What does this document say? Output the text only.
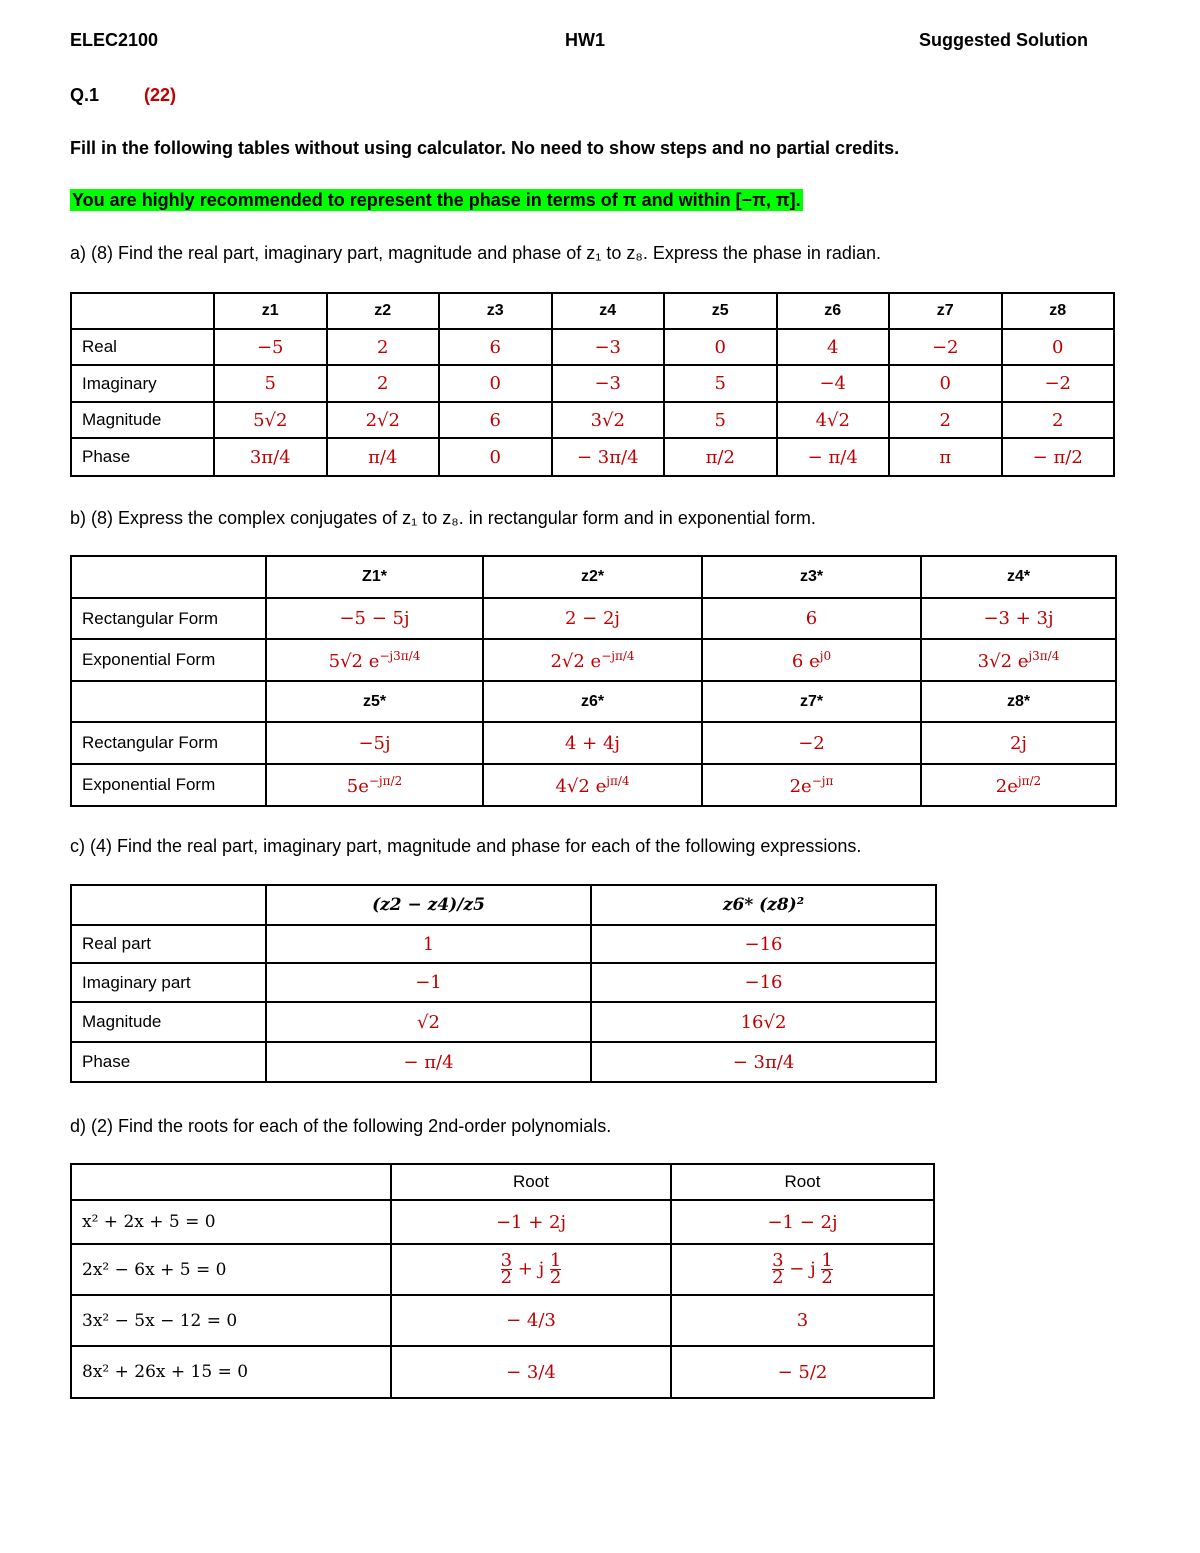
ELEC2100	HW1	Suggested Solution
Q.1	(22)
Fill in the following tables without using calculator. No need to show steps and no partial credits.
You are highly recommended to represent the phase in terms of π and within [−π, π].
a) (8) Find the real part, imaginary part, magnitude and phase of z₁ to z₈. Express the phase in radian.
	z1	z2	z3	z4	z5	z6	z7	z8
Real	−5	2	6	−3	0	4	−2	0
Imaginary	5	2	0	−3	5	−4	0	−2
Magnitude	5√2	2√2	6	3√2	5	4√2	2	2
Phase	3π/4	π/4	0	− 3π/4	π/2	− π/4	π	− π/2
b) (8) Express the complex conjugates of z₁ to z₈. in rectangular form and in exponential form.
	Z1*	z2*	z3*	z4*
Rectangular Form	−5 − 5j	2 − 2j	6	−3 + 3j
Exponential Form	5√2 $e^{-j3\pi/4}$	2√2 $e^{-j\pi/4}$	6 $e^{j0}$	3√2 $e^{j3\pi/4}$
	z5*	z6*	z7*	z8*
Rectangular Form	−5j	4 + 4j	−2	2j
Exponential Form	$5e^{-j\pi/2}$	4√2 $e^{j\pi/4}$	$2e^{-j\pi}$	$2e^{j\pi/2}$
c) (4) Find the real part, imaginary part, magnitude and phase for each of the following expressions.
	(z2 − z4)/z5	z6* (z8)²
Real part	1	−16
Imaginary part	−1	−16
Magnitude	√2	16√2
Phase	− π/4	− 3π/4
d) (2) Find the roots for each of the following 2nd-order polynomials.
	Root	Root
x² + 2x + 5 = 0	−1 + 2j	−1 − 2j
2x² − 6x + 5 = 0	$\frac{3}{2} + j \frac{1}{2}$	$\frac{3}{2} - j \frac{1}{2}$

3x² − 5x − 12 = 0	− 4/3	3
8x² + 26x + 15 = 0	− 3/4	− 5/2
